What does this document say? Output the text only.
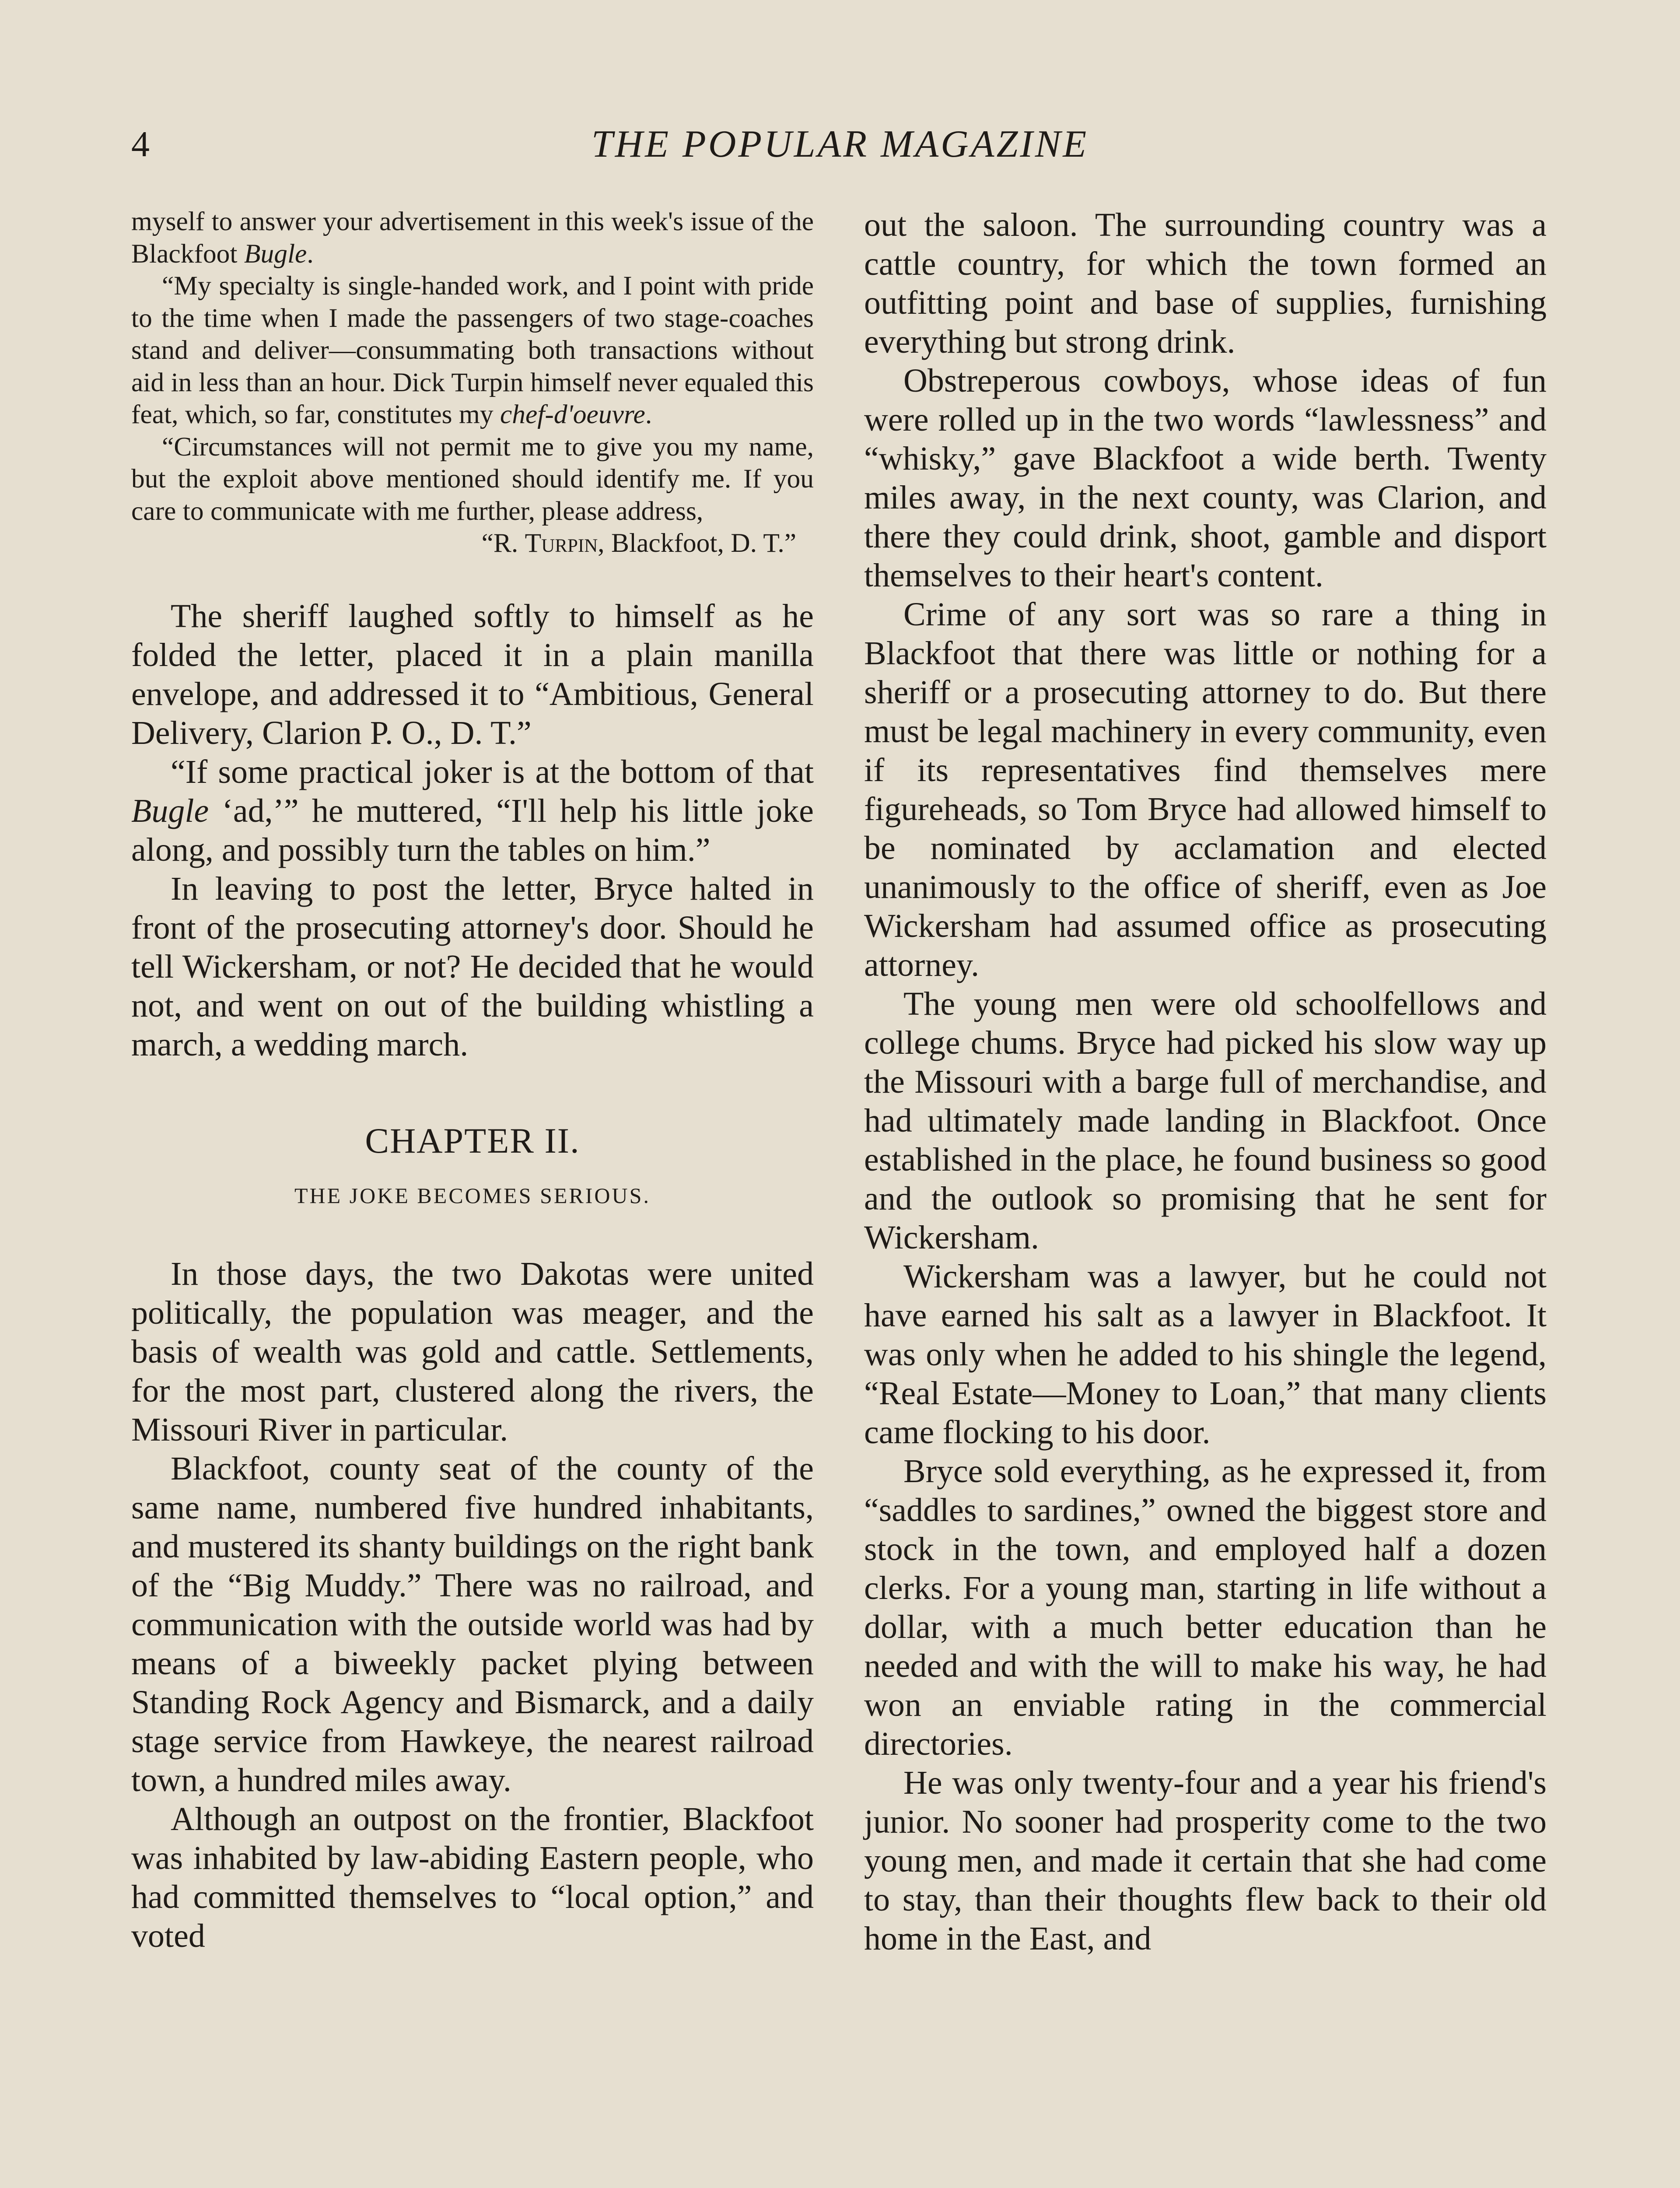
4	THE POPULAR MAGAZINE

myself to answer your advertisement in this week's issue of the Blackfoot Bugle.

“My specialty is single-handed work, and I point with pride to the time when I made the passengers of two stage-coaches stand and deliver—consummating both transactions without aid in less than an hour. Dick Turpin himself never equaled this feat, which, so far, constitutes my chef-d'oeuvre.

“Circumstances will not permit me to give you my name, but the exploit above mentioned should identify me. If you care to communicate with me further, please address,

“R. Turpin, Blackfoot, D. T.”

The sheriff laughed softly to himself as he folded the letter, placed it in a plain manilla envelope, and addressed it to “Ambitious, General Delivery, Clarion P. O., D. T.”

“If some practical joker is at the bottom of that Bugle ‘ad,’” he muttered, “I'll help his little joke along, and possibly turn the tables on him.”

In leaving to post the letter, Bryce halted in front of the prosecuting attorney's door. Should he tell Wickersham, or not? He decided that he would not, and went on out of the building whistling a march, a wedding march.

CHAPTER II.
THE JOKE BECOMES SERIOUS.

In those days, the two Dakotas were united politically, the population was meager, and the basis of wealth was gold and cattle. Settlements, for the most part, clustered along the rivers, the Missouri River in particular.

Blackfoot, county seat of the county of the same name, numbered five hundred inhabitants, and mustered its shanty buildings on the right bank of the “Big Muddy.” There was no railroad, and communication with the outside world was had by means of a biweekly packet plying between Standing Rock Agency and Bismarck, and a daily stage service from Hawkeye, the nearest railroad town, a hundred miles away.

Although an outpost on the frontier, Blackfoot was inhabited by law-abiding Eastern people, who had committed themselves to “local option,” and voted

out the saloon. The surrounding country was a cattle country, for which the town formed an outfitting point and base of supplies, furnishing everything but strong drink.

Obstreperous cowboys, whose ideas of fun were rolled up in the two words “lawlessness” and “whisky,” gave Blackfoot a wide berth. Twenty miles away, in the next county, was Clarion, and there they could drink, shoot, gamble and disport themselves to their heart's content.

Crime of any sort was so rare a thing in Blackfoot that there was little or nothing for a sheriff or a prosecuting attorney to do. But there must be legal machinery in every community, even if its representatives find themselves mere figureheads, so Tom Bryce had allowed himself to be nominated by acclamation and elected unanimously to the office of sheriff, even as Joe Wickersham had assumed office as prosecuting attorney.

The young men were old schoolfellows and college chums. Bryce had picked his slow way up the Missouri with a barge full of merchandise, and had ultimately made landing in Blackfoot. Once established in the place, he found business so good and the outlook so promising that he sent for Wickersham.

Wickersham was a lawyer, but he could not have earned his salt as a lawyer in Blackfoot. It was only when he added to his shingle the legend, “Real Estate—Money to Loan,” that many clients came flocking to his door.

Bryce sold everything, as he expressed it, from “saddles to sardines,” owned the biggest store and stock in the town, and employed half a dozen clerks. For a young man, starting in life without a dollar, with a much better education than he needed and with the will to make his way, he had won an enviable rating in the commercial directories.

He was only twenty-four and a year his friend's junior. No sooner had prosperity come to the two young men, and made it certain that she had come to stay, than their thoughts flew back to their old home in the East, and
